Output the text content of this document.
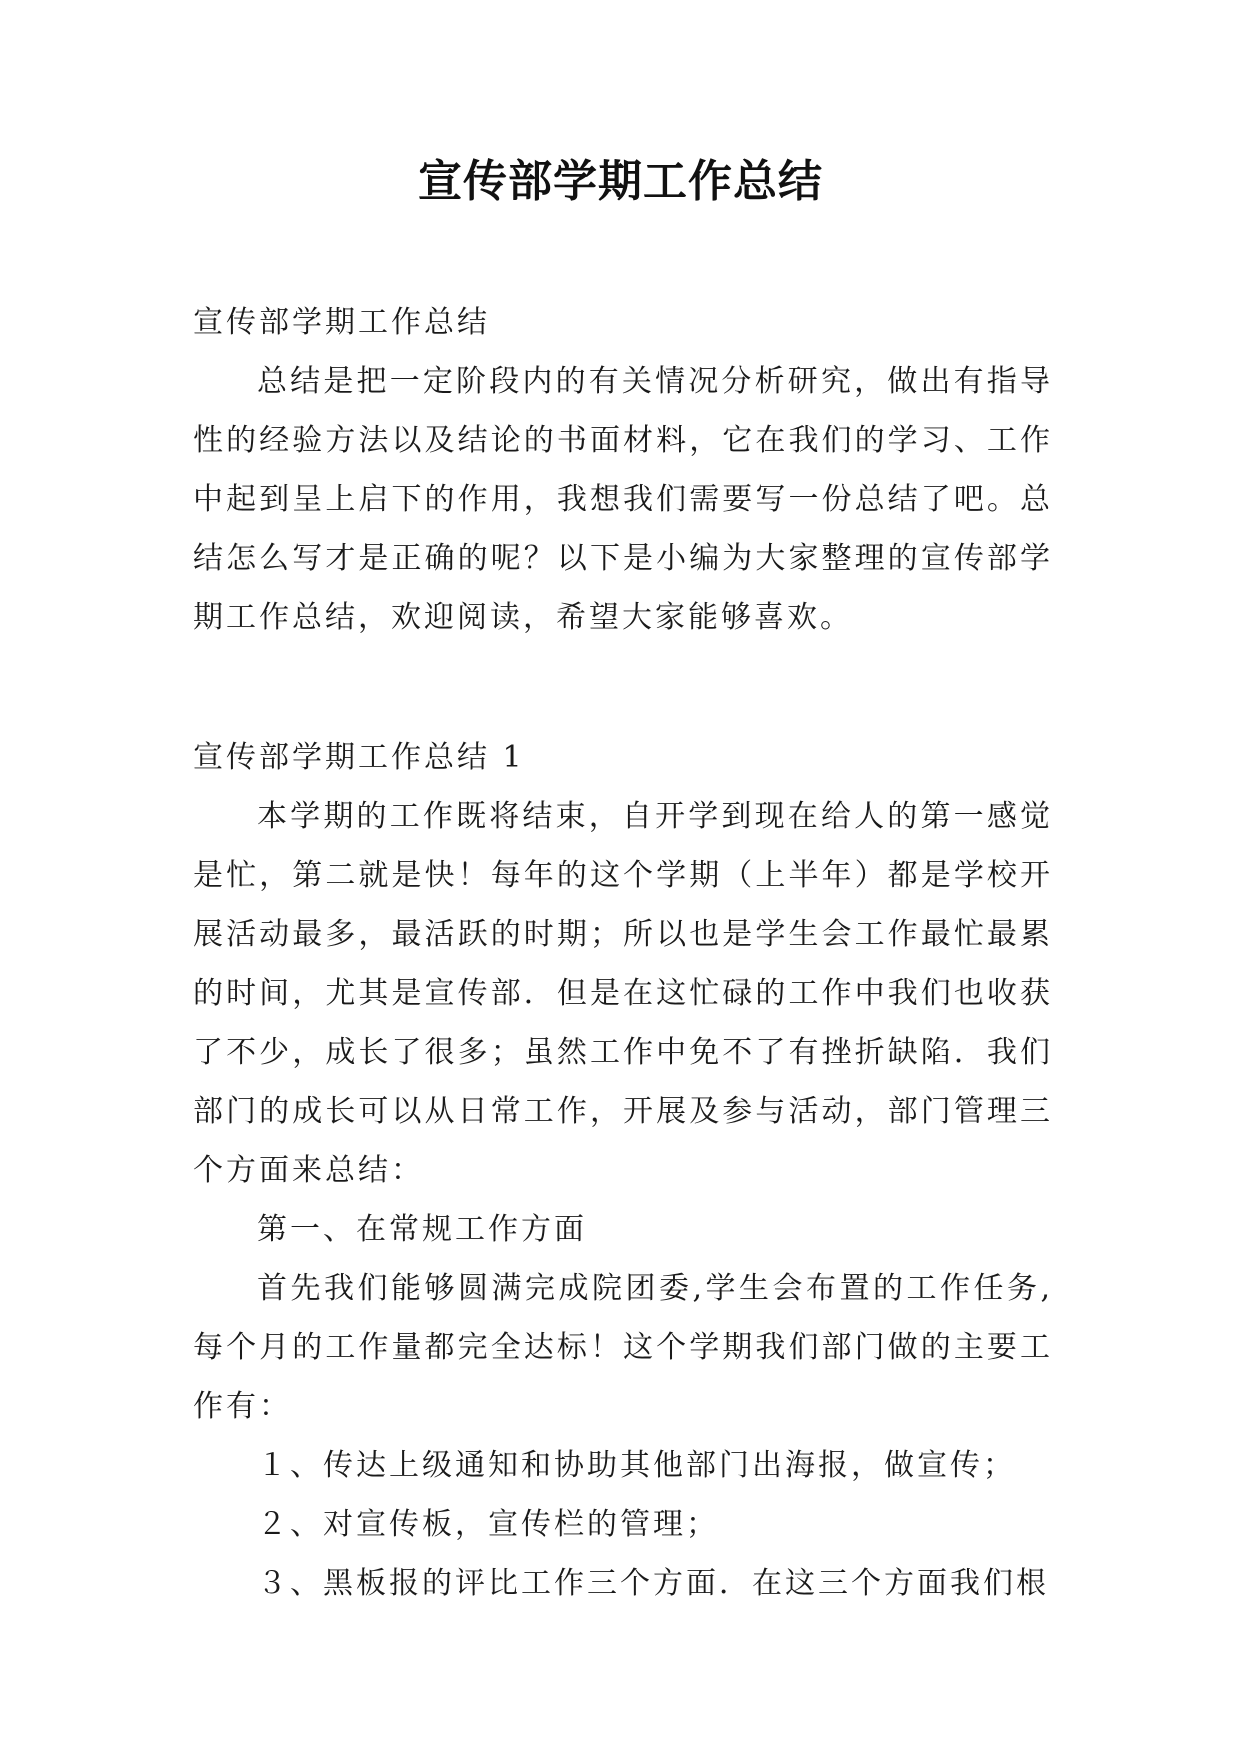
宣传部学期工作总结

宣传部学期工作总结

总结是把一定阶段内的有关情况分析研究，做出有指导性的经验方法以及结论的书面材料，它在我们的学习、工作中起到呈上启下的作用，我想我们需要写一份总结了吧。总结怎么写才是正确的呢？以下是小编为大家整理的宣传部学期工作总结，欢迎阅读，希望大家能够喜欢。

宣传部学期工作总结 1

本学期的工作既将结束，自开学到现在给人的第一感觉是忙，第二就是快！每年的这个学期（上半年）都是学校开展活动最多，最活跃的时期；所以也是学生会工作最忙最累的时间，尤其是宣传部．但是在这忙碌的工作中我们也收获了不少，成长了很多；虽然工作中免不了有挫折缺陷．我们部门的成长可以从日常工作，开展及参与活动，部门管理三个方面来总结：

第一、在常规工作方面

首先我们能够圆满完成院团委,学生会布置的工作任务,每个月的工作量都完全达标！这个学期我们部门做的主要工作有：

１、传达上级通知和协助其他部门出海报，做宣传；

２、对宣传板，宣传栏的管理；

３、黑板报的评比工作三个方面．在这三个方面我们根
